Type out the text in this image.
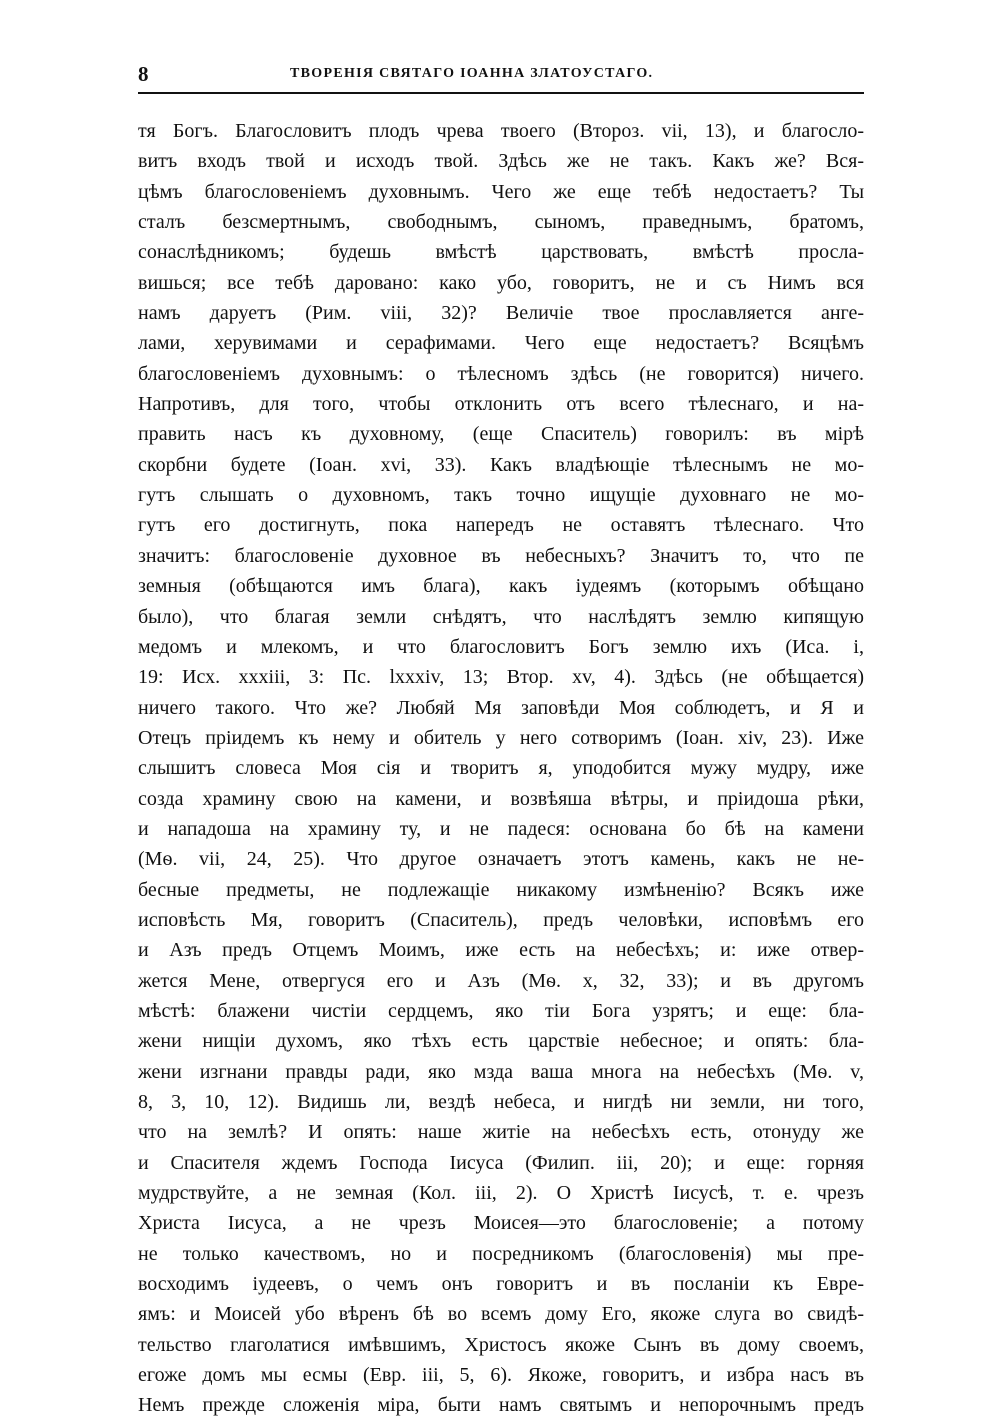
8	ТВОРЕНІЯ СВЯТАГО ІОАННА ЗЛАТОУСТАГО.
тя Богъ. Благословитъ плодъ чрева твоего (Второз. vii, 13), и благосло-
витъ входъ твой и исходъ твой. Здѣсь же не такъ. Какъ же? Вся-
цѣмъ благословеніемъ духовнымъ. Чего же еще тебѣ недостаетъ? Ты
сталъ безсмертнымъ, свободнымъ, сыномъ, праведнымъ, братомъ,
сонаслѣдникомъ; будешь вмѣстѣ царствовать, вмѣстѣ прослa-
вишься; все тебѣ даровано: како убо, говоритъ, не и съ Нимъ вся
намъ даруетъ (Рим. viii, 32)? Величіе твое прославляется анге-
лами, херувимами и серафимами. Чего еще недостаетъ? Всяцѣмъ
благословеніемъ духовнымъ: о тѣлесномъ здѣсь (не говорится) ничего.
Напротивъ, для того, чтобы отклонить отъ всего тѣлеснаго, и на-
править насъ къ духовному, (еще Спаситель) говорилъ: въ мірѣ
скорбни будете (Іоан. xvi, 33). Какъ владѣющіе тѣлеснымъ не мо-
гутъ слышать о духовномъ, такъ точно ищущіе духовнаго не мо-
гутъ его достигнуть, пока напередъ не оставятъ тѣлеснаго. Что
значитъ: благословеніе духовное въ небесныхъ? Значитъ то, что пе
земныя (обѣщаются имъ блага), какъ іудеямъ (которымъ обѣщано
было), что благая земли снѣдятъ, что наслѣдятъ землю кипящую
медомъ и млекомъ, и что благословитъ Богъ землю ихъ (Иса. i,
19: Исх. xxxiii, 3: Пс. lxxxiv, 13; Втор. xv, 4). Здѣсь (не обѣщается)
ничего такого. Что же? Любяй Мя заповѣди Моя соблюдетъ, и Я и
Отецъ пріидемъ къ нему и обитель у него сотворимъ (Іоан. xiv, 23). Иже
слышитъ словеса Моя сія и творитъ я, уподобится мужу мудру, иже
созда храмину свою на камени, и возвѣяша вѣтры, и пріидоша рѣки,
и нападоша на храмину ту, и не падеся: основана бо бѣ на камени
(Мѳ. vii, 24, 25). Что другое означаетъ этотъ камень, какъ не не-
бесные предметы, не подлежащіе никакому измѣненію? Всякъ иже
исповѣсть Мя, говоритъ (Спаситель), предъ человѣки, исповѣмъ его
и Азъ предъ Отцемъ Моимъ, иже есть на небесѣхъ; и: иже отвер-
жется Мене, отвергуся его и Азъ (Мѳ. x, 32, 33); и въ другомъ
мѣстѣ: блажени чистіи сердцемъ, яко тіи Бога узрятъ; и еще: бла-
жени нищіи духомъ, яко тѣхъ есть царствіе небесное; и опять: бла-
жени изгнани правды ради, яко мзда ваша многа на небесѣхъ (Мѳ. v,
8, 3, 10, 12). Видишь ли, вездѣ небеса, и нигдѣ ни земли, ни того,
что на землѣ? И опять: наше житіе на небесѣхъ есть, отонуду же
и Спасителя ждемъ Господа Іисуса (Филип. iii, 20); и еще: горняя
мудрствуйте, а не земная (Кол. iii, 2). О Христѣ Іисусѣ, т. е. чрезъ
Христа Іисуса, а не чрезъ Моисея—это благословеніе; а потому
не только качествомъ, но и посредникомъ (благословенія) мы пре-
восходимъ іудеевъ, о чемъ онъ говоритъ и въ посланіи къ Евре-
ямъ: и Моисей убо вѣренъ бѣ во всемъ дому Его, якоже слуга во свидѣ-
тельство глаголатися имѣвшимъ, Христосъ якоже Сынъ въ дому своемъ,
егоже домъ мы есмы (Евр. iii, 5, 6). Якоже, говоритъ, и избра насъ въ
Немъ прежде сложенія міра, быти намъ святымъ и непорочнымъ предъ
